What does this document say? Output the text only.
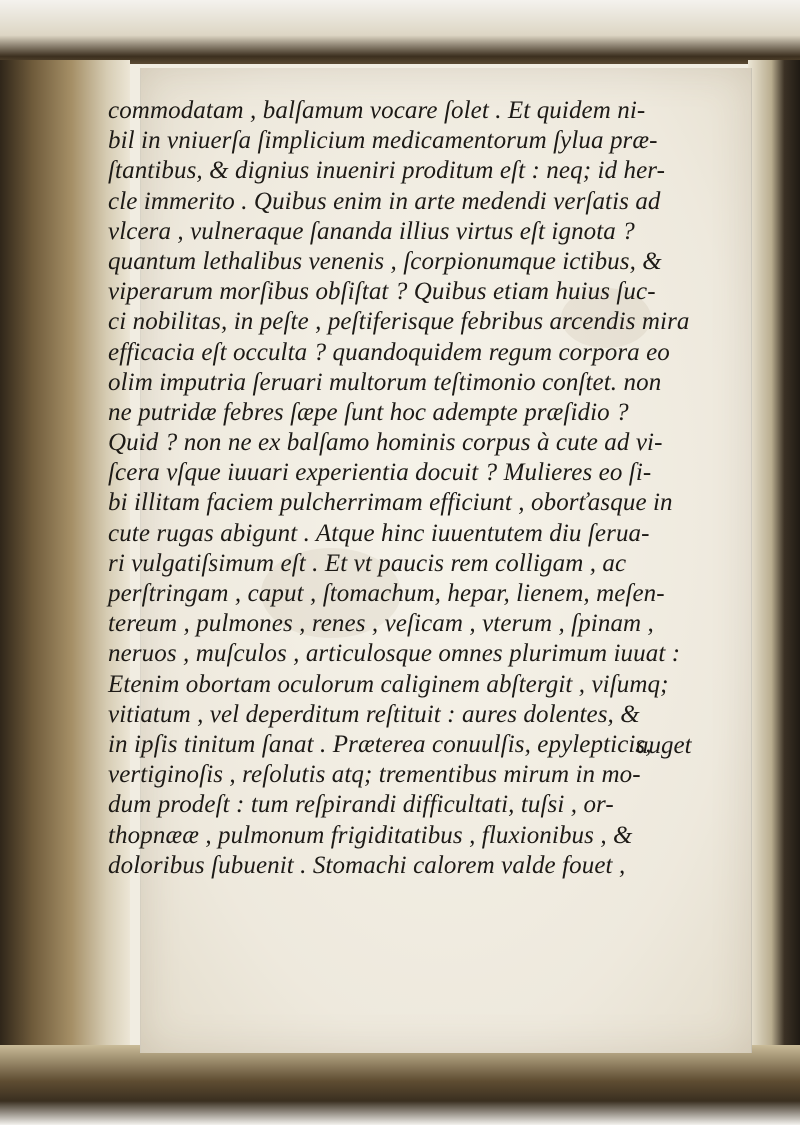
commodatam , balſamum vocare ſolet . Et quidem ni-
bil in vniuerſa ſimplicium medicamentorum ſylua præ-
ſtantibus, & dignius inueniri proditum eſt : neq; id her-
cle immerito . Quibus enim in arte medendi verſatis ad
vlcera , vulneraque ſananda illius virtus eſt ignota ?
quantum lethalibus venenis , ſcorpionumque ictibus, &
viperarum morſibus obſiſtat ? Quibus etiam huius ſuc-
ci nobilitas, in peſte , peſtiferisque febribus arcendis mira
efficacia eſt occulta ? quandoquidem regum corpora eo
olim imputria ſeruari multorum teſtimonio conſtet. non
ne putridæ febres ſæpe ſunt hoc adempte præſidio ?
Quid ? non ne ex balſamo hominis corpus à cute ad vi-
ſcera vſque iuuari experientia docuit ? Mulieres eo ſi-
bi illitam faciem pulcherrimam efficiunt , oborťasque in
cute rugas abigunt . Atque hinc iuuentutem diu ſerua-
ri vulgatiſsimum eſt . Et vt paucis rem colligam , ac
perſtringam , caput , ſtomachum, hepar, lienem, meſen-
tereum , pulmones , renes , veſicam , vterum , ſpinam ,
neruos , muſculos , articulosque omnes plurimum iuuat :
Etenim obortam oculorum caliginem abſtergit , viſumq;
vitiatum , vel deperditum reſtituit : aures dolentes, &
in ipſis tinitum ſanat . Præterea conuulſis, epylepticis,
vertiginoſis , reſolutis atq; trementibus mirum in mo-
dum prodeſt : tum reſpirandi difficultati, tuſsi , or-
thopnææ , pulmonum frigiditatibus , fluxionibus , &
doloribus ſubuenit . Stomachi calorem valde fouet ,
auget
